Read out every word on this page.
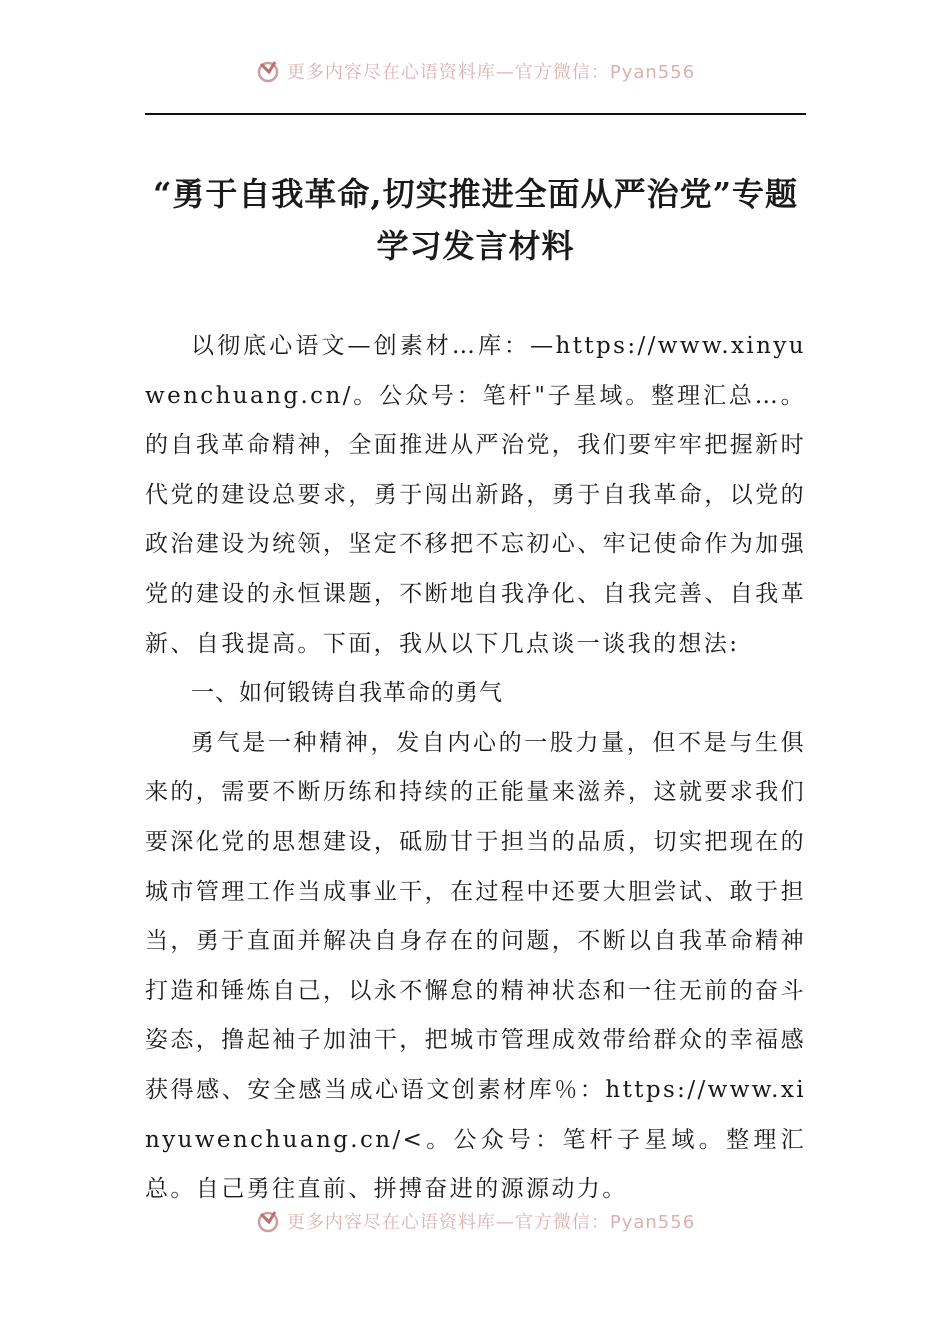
更多内容尽在心语资料库—官方微信：Pyan556
“勇于自我革命,切实推进全面从严治党”专题学习发言材料

以彻底心语文—创素材…库：—https://www.xinyuwenchuang.cn/。公众号：笔杆"子星域。整理汇总…。的自我革命精神，全面推进从严治党，我们要牢牢把握新时代党的建设总要求，勇于闯出新路，勇于自我革命，以党的政治建设为统领，坚定不移把不忘初心、牢记使命作为加强党的建设的永恒课题，不断地自我净化、自我完善、自我革新、自我提高。下面，我从以下几点谈一谈我的想法:

一、如何锻铸自我革命的勇气

勇气是一种精神，发自内心的一股力量，但不是与生俱来的，需要不断历练和持续的正能量来滋养，这就要求我们要深化党的思想建设，砥励甘于担当的品质，切实把现在的城市管理工作当成事业干，在过程中还要大胆尝试、敢于担当，勇于直面并解决自身存在的问题，不断以自我革命精神打造和锤炼自己，以永不懈怠的精神状态和一往无前的奋斗姿态，撸起袖子加油干，把城市管理成效带给群众的幸福感获得感、安全感当成心语文创素材库％：https://www.xinyuwenchuang.cn/<。公众号：笔杆子星域。整理汇总。自己勇往直前、拼搏奋进的源源动力。

更多内容尽在心语资料库—官方微信：Pyan556
